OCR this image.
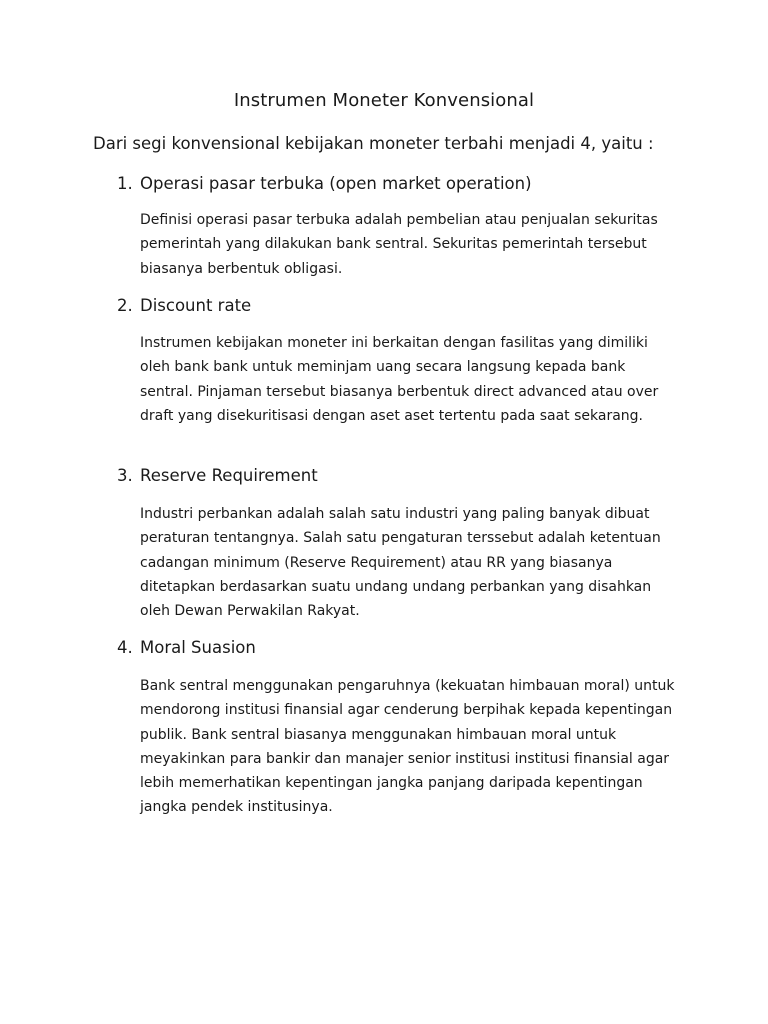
Instrumen Moneter Konvensional
Dari segi konvensional kebijakan moneter terbahi menjadi 4, yaitu :
1. Operasi pasar terbuka (open market operation)
Definisi operasi pasar terbuka adalah pembelian atau penjualan sekuritas pemerintah yang dilakukan bank sentral. Sekuritas pemerintah tersebut biasanya berbentuk obligasi.
2. Discount rate
Instrumen kebijakan moneter ini berkaitan dengan fasilitas yang dimiliki oleh bank bank untuk meminjam uang secara langsung kepada bank sentral. Pinjaman tersebut biasanya berbentuk direct advanced atau over draft yang disekuritisasi dengan aset aset tertentu pada saat sekarang.
3. Reserve Requirement
Industri perbankan adalah salah satu industri yang paling banyak dibuat peraturan tentangnya. Salah satu pengaturan terssebut adalah ketentuan cadangan minimum (Reserve Requirement) atau RR yang biasanya ditetapkan berdasarkan suatu undang undang perbankan yang disahkan oleh Dewan Perwakilan Rakyat.
4. Moral Suasion
Bank sentral menggunakan pengaruhnya (kekuatan himbauan moral) untuk mendorong institusi finansial agar cenderung berpihak kepada kepentingan publik. Bank sentral biasanya menggunakan himbauan moral untuk meyakinkan para bankir dan manajer senior institusi institusi finansial agar lebih memerhatikan kepentingan jangka panjang daripada kepentingan jangka pendek institusinya.
